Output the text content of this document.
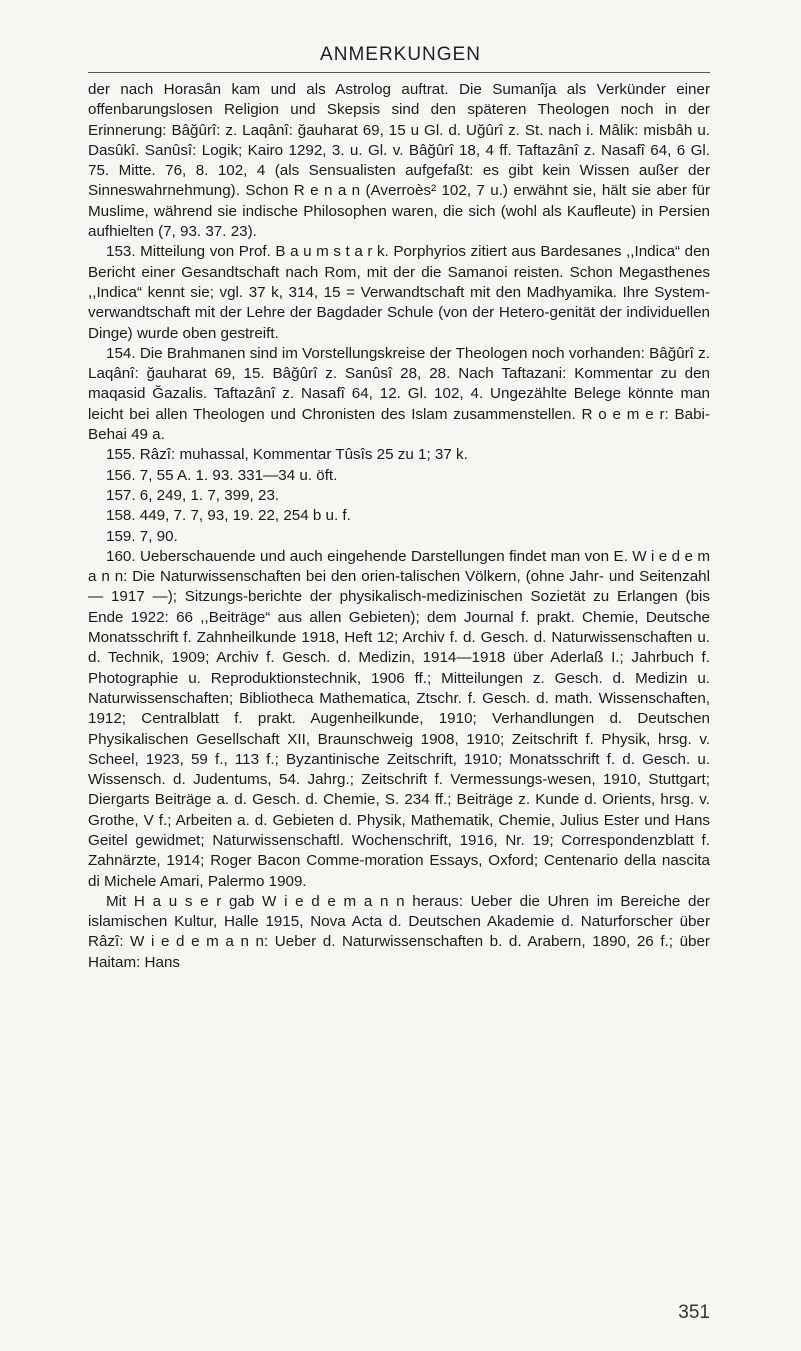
ANMERKUNGEN

der nach Horasân kam und als Astrolog auftrat. Die Sumanîja als Verkünder einer offenbarungslosen Religion und Skepsis sind den späteren Theologen noch in der Erinnerung: Bâğûrî: z. Laqânî: ğauharat 69, 15 u Gl. d. Uğûrî z. St. nach i. Mâlik: misbâh u. Dasûkî. Sanûsî: Logik; Kairo 1292, 3. u. Gl. v. Bâğûrî 18, 4 ff. Taftazânî z. Nasafî 64, 6 Gl. 75. Mitte. 76, 8. 102, 4 (als Sensualisten aufgefaßt: es gibt kein Wissen außer der Sinneswahrnehmung). Schon R e n a n (Averroès² 102, 7 u.) erwähnt sie, hält sie aber für Muslime, während sie indische Philosophen waren, die sich (wohl als Kaufleute) in Persien aufhielten (7, 93. 37. 23).

153. Mitteilung von Prof. B a u m s t a r k. Porphyrios zitiert aus Bardesanes ,,Indica“ den Bericht einer Gesandtschaft nach Rom, mit der die Samanoi reisten. Schon Megasthenes ,,Indica“ kennt sie; vgl. 37 k, 314, 15 = Verwandtschaft mit den Madhyamika. Ihre System-verwandtschaft mit der Lehre der Bagdader Schule (von der Hetero-genität der individuellen Dinge) wurde oben gestreift.

154. Die Brahmanen sind im Vorstellungskreise der Theologen noch vorhanden: Bâğûrî z. Laqânî: ğauharat 69, 15. Bâğûrî z. Sanûsî 28, 28. Nach Taftazani: Kommentar zu den maqasid Ğazalis. Taftazânî z. Nasafî 64, 12. Gl. 102, 4. Ungezählte Belege könnte man leicht bei allen Theologen und Chronisten des Islam zusammenstellen. R o e m e r: Babi-Behai 49 a.

155. Râzî: muhassal, Kommentar Tûsîs 25 zu 1; 37 k.

156. 7, 55 A. 1. 93. 331—34 u. öft.

157. 6, 249, 1. 7, 399, 23.

158. 449, 7. 7, 93, 19. 22, 254 b u. f.

159. 7, 90.

160. Ueberschauende und auch eingehende Darstellungen findet man von E. W i e d e m a n n: Die Naturwissenschaften bei den orien-talischen Völkern, (ohne Jahr- und Seitenzahl — 1917 —); Sitzungs-berichte der physikalisch-medizinischen Sozietät zu Erlangen (bis Ende 1922: 66 ,,Beiträge“ aus allen Gebieten); dem Journal f. prakt. Chemie, Deutsche Monatsschrift f. Zahnheilkunde 1918, Heft 12; Archiv f. d. Gesch. d. Naturwissenschaften u. d. Technik, 1909; Archiv f. Gesch. d. Medizin, 1914—1918 über Aderlaß I.; Jahrbuch f. Photographie u. Reproduktionstechnik, 1906 ff.; Mitteilungen z. Gesch. d. Medizin u. Naturwissenschaften; Bibliotheca Mathematica, Ztschr. f. Gesch. d. math. Wissenschaften, 1912; Centralblatt f. prakt. Augenheilkunde, 1910; Verhandlungen d. Deutschen Physikalischen Gesellschaft XII, Braunschweig 1908, 1910; Zeitschrift f. Physik, hrsg. v. Scheel, 1923, 59 f., 113 f.; Byzantinische Zeitschrift, 1910; Monatsschrift f. d. Gesch. u. Wissensch. d. Judentums, 54. Jahrg.; Zeitschrift f. Vermessungs-wesen, 1910, Stuttgart; Diergarts Beiträge a. d. Gesch. d. Chemie, S. 234 ff.; Beiträge z. Kunde d. Orients, hrsg. v. Grothe, V f.; Arbeiten a. d. Gebieten d. Physik, Mathematik, Chemie, Julius Ester und Hans Geitel gewidmet; Naturwissenschaftl. Wochenschrift, 1916, Nr. 19; Correspondenzblatt f. Zahnärzte, 1914; Roger Bacon Comme-moration Essays, Oxford; Centenario della nascita di Michele Amari, Palermo 1909.

Mit H a u s e r gab W i e d e m a n n heraus: Ueber die Uhren im Bereiche der islamischen Kultur, Halle 1915, Nova Acta d. Deutschen Akademie d. Naturforscher über Râzî: W i e d e m a n n: Ueber d. Naturwissenschaften b. d. Arabern, 1890, 26 f.; über Haitam: Hans

351
